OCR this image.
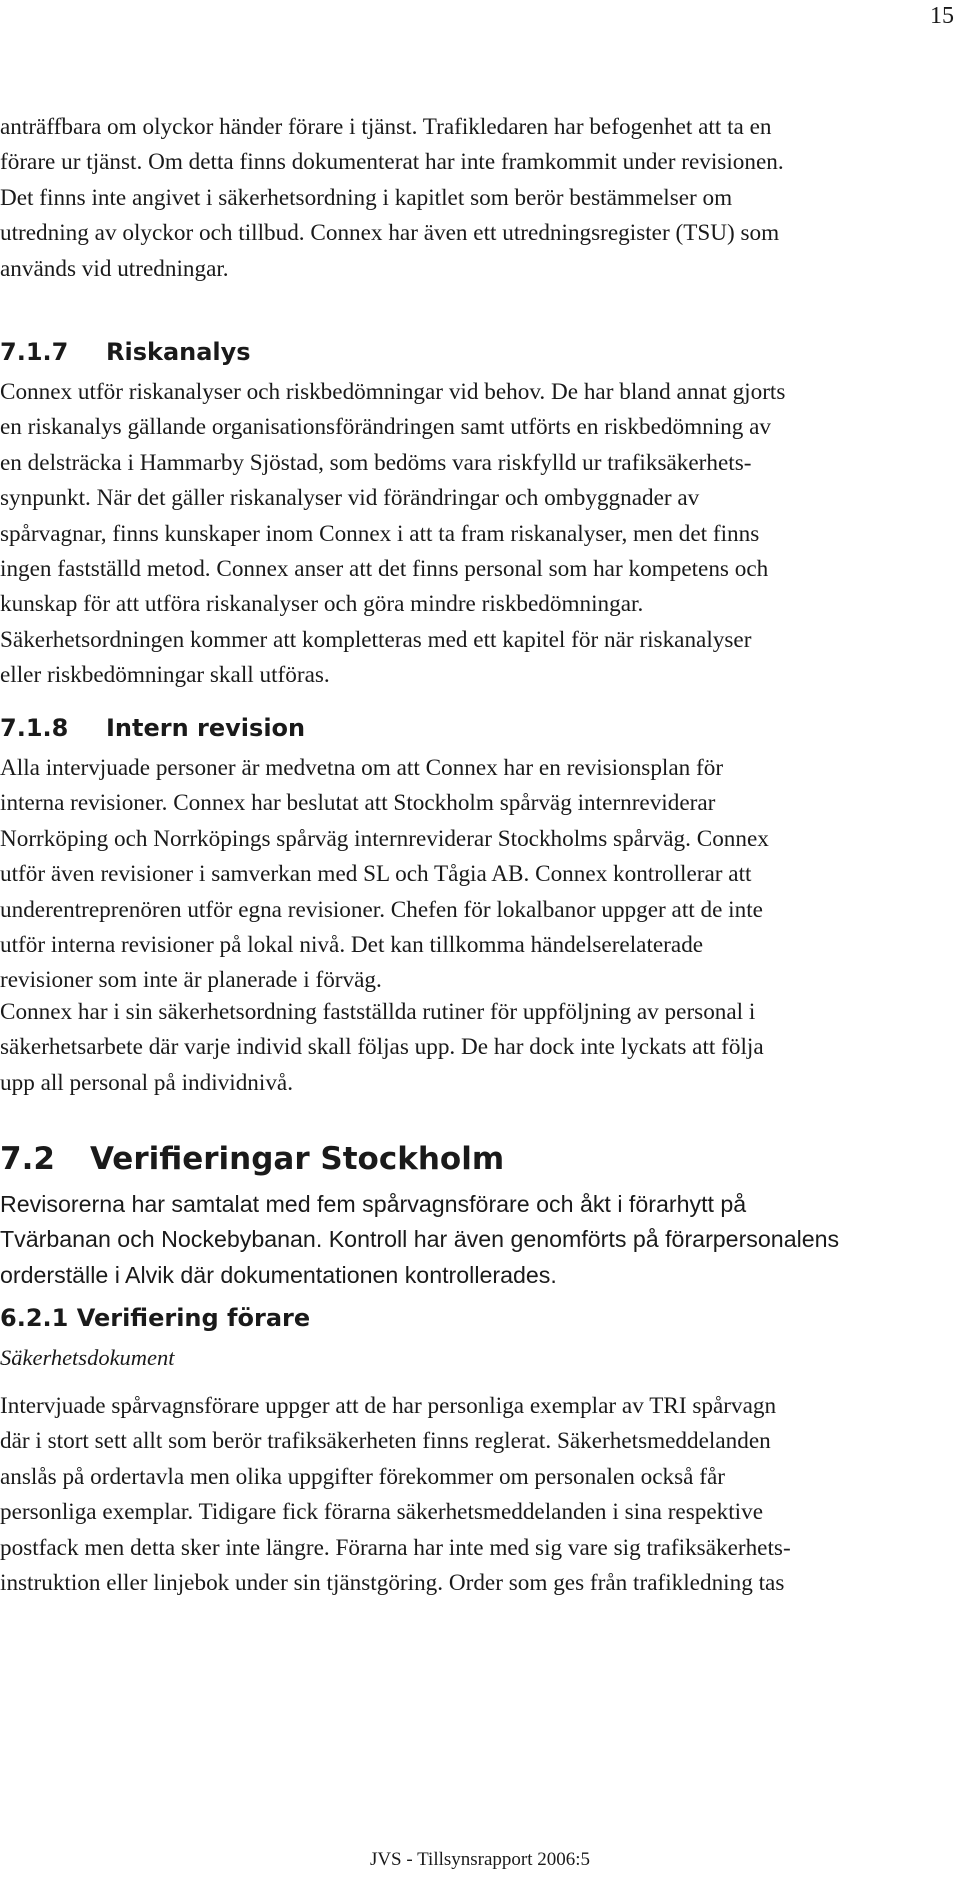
15
anträffbara om olyckor händer förare i tjänst. Trafikledaren har befogenhet att ta en
förare ur tjänst. Om detta finns dokumenterat har inte framkommit under revisionen.
Det finns inte angivet i säkerhetsordning i kapitlet som berör bestämmelser om
utredning av olyckor och tillbud. Connex har även ett utredningsregister (TSU) som
används vid utredningar.
7.1.7 Riskanalys
Connex utför riskanalyser och riskbedömningar vid behov. De har bland annat gjorts
en riskanalys gällande organisationsförändringen samt utförts en riskbedömning av
en delsträcka i Hammarby Sjöstad, som bedöms vara riskfylld ur trafiksäkerhets-
synpunkt. När det gäller riskanalyser vid förändringar och ombyggnader av
spårvagnar, finns kunskaper inom Connex i att ta fram riskanalyser, men det finns
ingen fastställd metod. Connex anser att det finns personal som har kompetens och
kunskap för att utföra riskanalyser och göra mindre riskbedömningar.
Säkerhetsordningen kommer att kompletteras med ett kapitel för när riskanalyser
eller riskbedömningar skall utföras.
7.1.8 Intern revision
Alla intervjuade personer är medvetna om att Connex har en revisionsplan för
interna revisioner. Connex har beslutat att Stockholm spårväg internreviderar
Norrköping och Norrköpings spårväg internreviderar Stockholms spårväg. Connex
utför även revisioner i samverkan med SL och Tågia AB. Connex kontrollerar att
underentreprenören utför egna revisioner. Chefen för lokalbanor uppger att de inte
utför interna revisioner på lokal nivå. Det kan tillkomma händelserelaterade
revisioner som inte är planerade i förväg.
Connex har i sin säkerhetsordning fastställda rutiner för uppföljning av personal i
säkerhetsarbete där varje individ skall följas upp. De har dock inte lyckats att följa
upp all personal på individnivå.
7.2 Verifieringar Stockholm
Revisorerna har samtalat med fem spårvagnsförare och åkt i förarhytt på
Tvärbanan och Nockebybanan. Kontroll har även genomförts på förarpersonalens
orderställe i Alvik där dokumentationen kontrollerades.
6.2.1 Verifiering förare
Säkerhetsdokument
Intervjuade spårvagnsförare uppger att de har personliga exemplar av TRI spårvagn
där i stort sett allt som berör trafiksäkerheten finns reglerat. Säkerhetsmeddelanden
anslås på ordertavla men olika uppgifter förekommer om personalen också får
personliga exemplar. Tidigare fick förarna säkerhetsmeddelanden i sina respektive
postfack men detta sker inte längre. Förarna har inte med sig vare sig trafiksäkerhets-
instruktion eller linjebok under sin tjänstgöring. Order som ges från trafikledning tas
JVS - Tillsynsrapport 2006:5
